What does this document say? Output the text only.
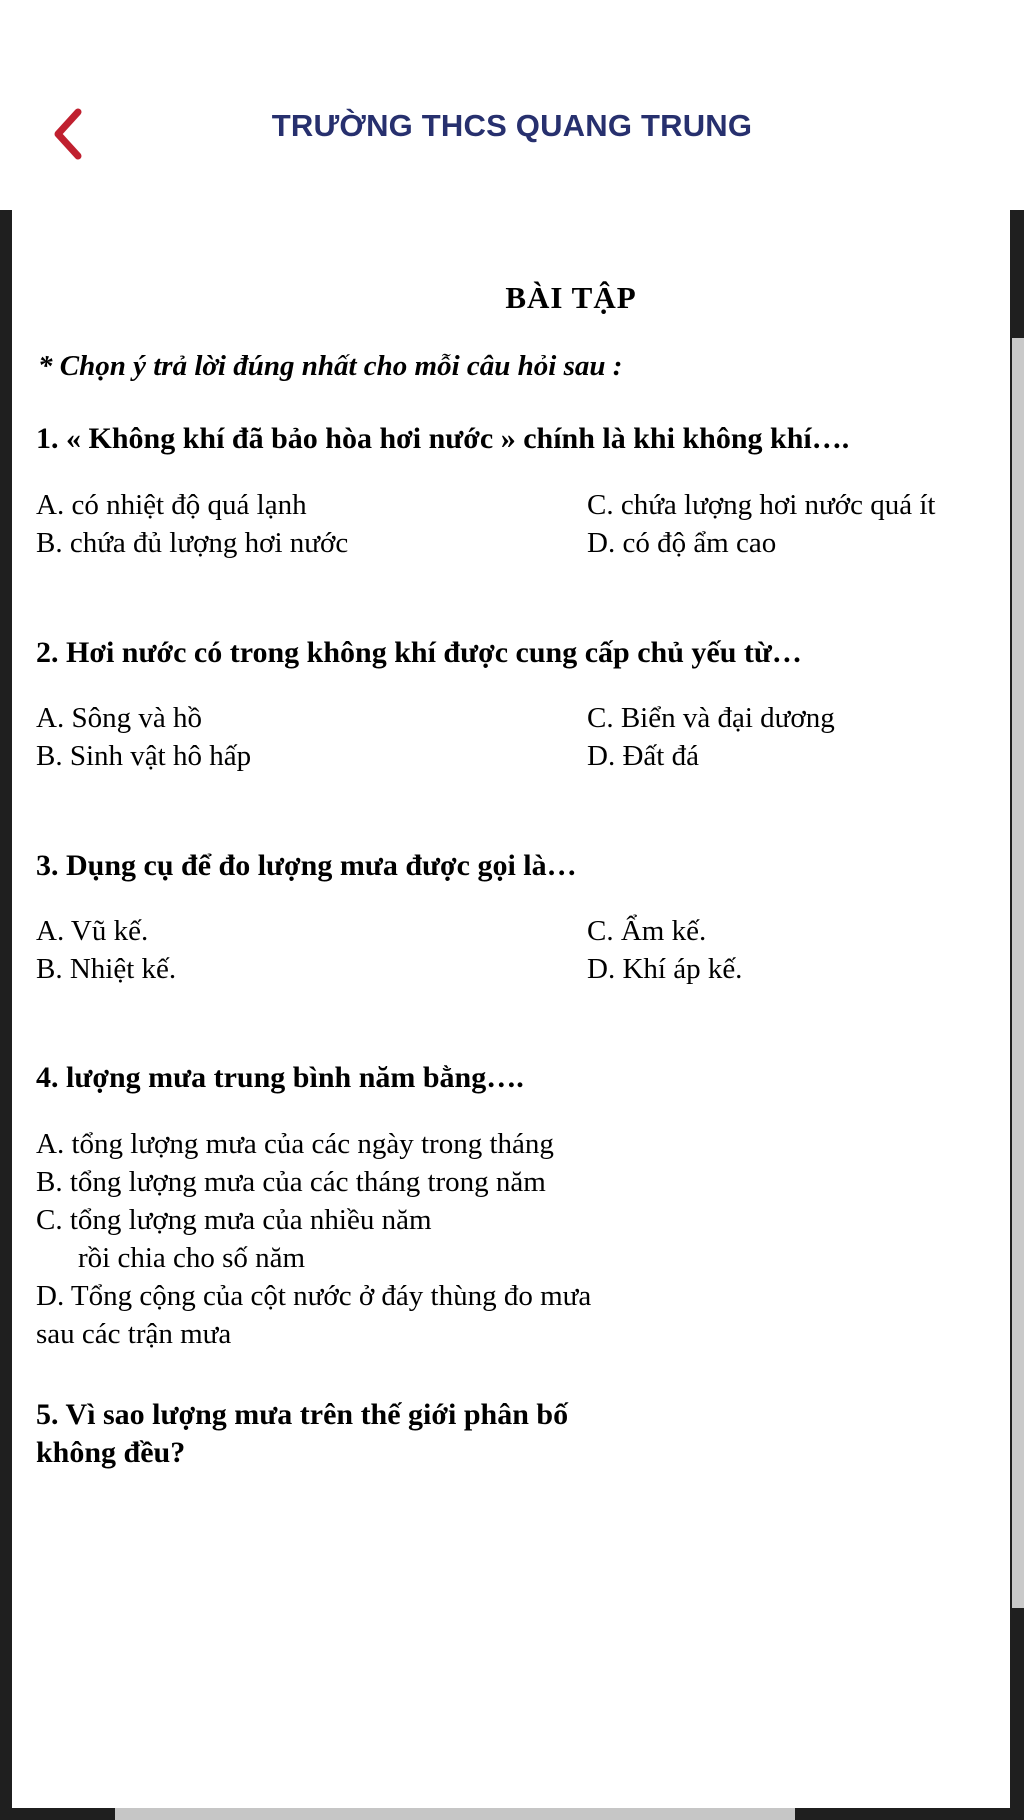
TRƯỜNG THCS QUANG TRUNG
BÀI TẬP
* Chọn ý trả lời đúng nhất cho mỗi câu hỏi sau :
1. « Không khí đã bảo hòa hơi nước » chính là khi không khí….
A. có nhiệt độ quá lạnh
B. chứa đủ lượng hơi nước
C. chứa lượng hơi nước quá ít
D. có độ ẩm cao
2. Hơi nước có trong không khí được cung cấp chủ yếu từ…
A. Sông và hồ
B. Sinh vật hô hấp
C. Biển và đại dương
D. Đất đá
3. Dụng cụ để đo lượng mưa được gọi là…
A. Vũ kế.
B. Nhiệt kế.
C. Ẩm kế.
D. Khí áp kế.
4. lượng mưa trung bình năm bằng….
A. tổng lượng mưa của các ngày trong tháng
B. tổng lượng mưa của các tháng trong năm
C. tổng lượng mưa của nhiều năm
rồi chia cho số năm
D. Tổng cộng của cột nước ở đáy thùng đo mưa
sau các trận mưa
5. Vì sao lượng mưa trên thế giới phân bố
không đều?
